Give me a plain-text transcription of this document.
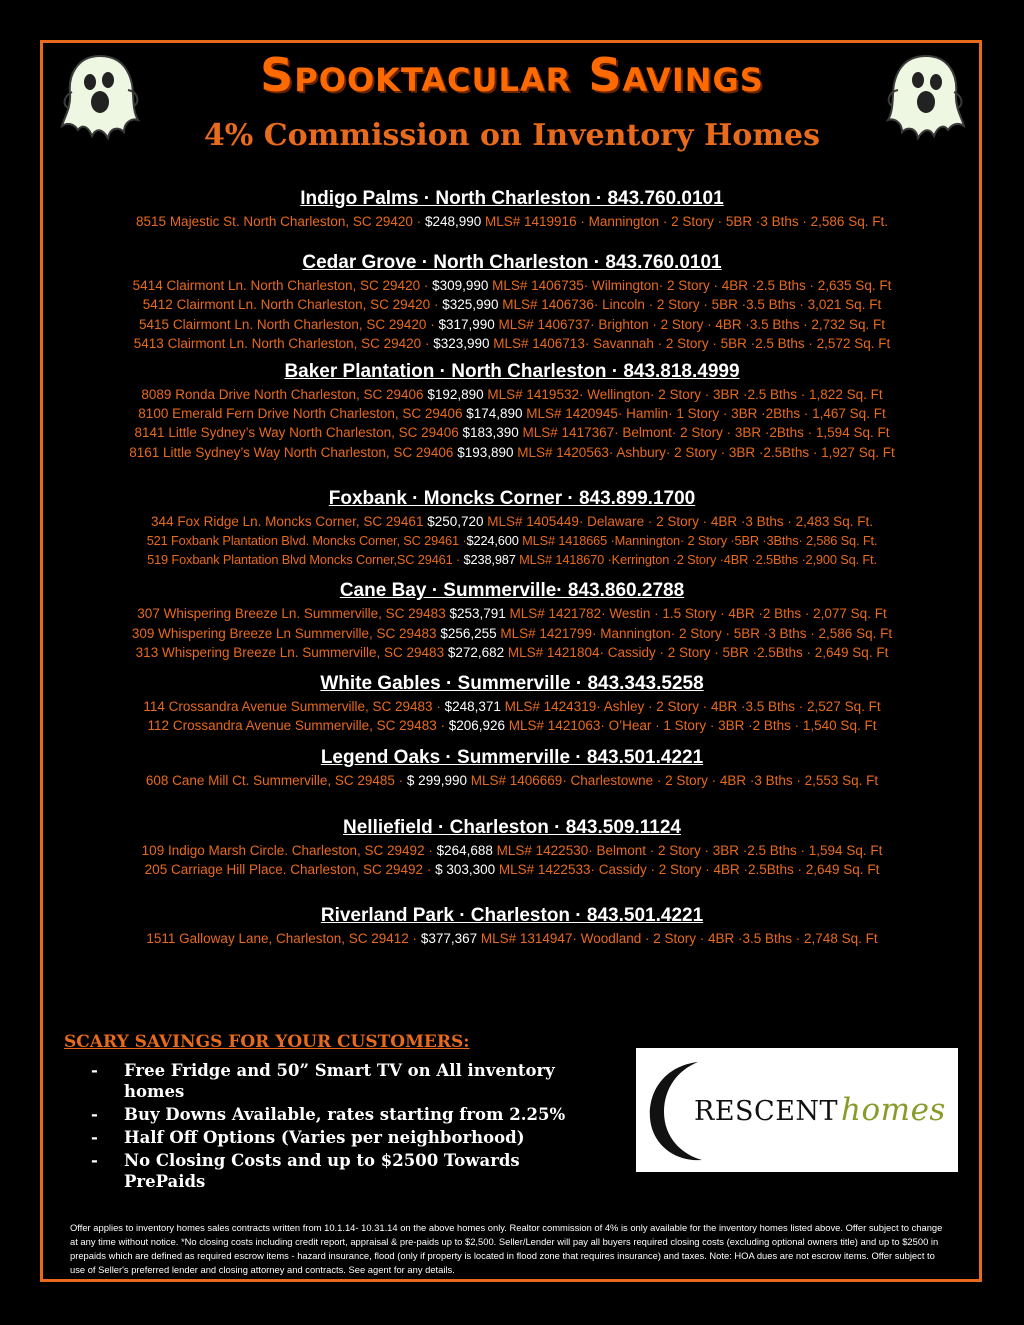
Spooktacular Savings
4% Commission on Inventory Homes
Indigo Palms · North Charleston · 843.760.0101
8515 Majestic St. North Charleston, SC 29420 · $248,990 MLS# 1419916 · Mannington · 2 Story · 5BR ·3 Bths · 2,586 Sq. Ft.
Cedar Grove · North Charleston · 843.760.0101
5414 Clairmont Ln. North Charleston, SC 29420 · $309,990 MLS# 1406735· Wilmington· 2 Story · 4BR ·2.5 Bths · 2,635 Sq. Ft
5412 Clairmont Ln. North Charleston, SC 29420 · $325,990 MLS# 1406736· Lincoln · 2 Story · 5BR ·3.5 Bths · 3,021 Sq. Ft
5415 Clairmont Ln. North Charleston, SC 29420 · $317,990 MLS# 1406737· Brighton · 2 Story · 4BR ·3.5 Bths · 2,732 Sq. Ft
5413 Clairmont Ln. North Charleston, SC 29420 · $323,990 MLS# 1406713· Savannah · 2 Story · 5BR ·2.5 Bths · 2,572 Sq. Ft
Baker Plantation · North Charleston · 843.818.4999
8089 Ronda Drive North Charleston, SC 29406 $192,890 MLS# 1419532· Wellington· 2 Story · 3BR ·2.5 Bths · 1,822 Sq. Ft
8100 Emerald Fern Drive North Charleston, SC 29406 $174,890 MLS# 1420945· Hamlin· 1 Story · 3BR ·2Bths · 1,467 Sq. Ft
8141 Little Sydney’s Way North Charleston, SC 29406 $183,390 MLS# 1417367· Belmont· 2 Story · 3BR ·2Bths · 1,594 Sq. Ft
8161 Little Sydney’s Way North Charleston, SC 29406 $193,890 MLS# 1420563· Ashbury· 2 Story · 3BR ·2.5Bths · 1,927 Sq. Ft
Foxbank · Moncks Corner · 843.899.1700
344 Fox Ridge Ln. Moncks Corner, SC 29461 $250,720 MLS# 1405449· Delaware · 2 Story · 4BR ·3 Bths · 2,483 Sq. Ft.
521 Foxbank Plantation Blvd. Moncks Corner, SC 29461 ·$224,600 MLS# 1418665 ·Mannington· 2 Story ·5BR ·3Bths· 2,586 Sq. Ft.
519 Foxbank Plantation Blvd Moncks Corner,SC 29461 · $238,987 MLS# 1418670 ·Kerrington ·2 Story ·4BR ·2.5Bths ·2,900 Sq. Ft.
Cane Bay · Summerville· 843.860.2788
307 Whispering Breeze Ln. Summerville, SC 29483 $253,791 MLS# 1421782· Westin · 1.5 Story · 4BR ·2 Bths · 2,077 Sq. Ft
309 Whispering Breeze Ln Summerville, SC 29483 $256,255 MLS# 1421799· Mannington· 2 Story · 5BR ·3 Bths · 2,586 Sq. Ft
313 Whispering Breeze Ln. Summerville, SC 29483 $272,682 MLS# 1421804· Cassidy · 2 Story · 5BR ·2.5Bths · 2,649 Sq. Ft
White Gables · Summerville · 843.343.5258
114 Crossandra Avenue Summerville, SC 29483 · $248,371 MLS# 1424319· Ashley · 2 Story · 4BR ·3.5 Bths · 2,527 Sq. Ft
112 Crossandra Avenue Summerville, SC 29483 · $206,926 MLS# 1421063· O’Hear · 1 Story · 3BR ·2 Bths · 1,540 Sq. Ft
Legend Oaks · Summerville · 843.501.4221
608 Cane Mill Ct. Summerville, SC 29485 · $ 299,990 MLS# 1406669· Charlestowne · 2 Story · 4BR ·3 Bths · 2,553 Sq. Ft
Nelliefield · Charleston · 843.509.1124
109 Indigo Marsh Circle. Charleston, SC 29492 · $264,688 MLS# 1422530· Belmont · 2 Story · 3BR ·2.5 Bths · 1,594 Sq. Ft
205 Carriage Hill Place. Charleston, SC 29492 · $ 303,300 MLS# 1422533· Cassidy · 2 Story · 4BR ·2.5Bths · 2,649 Sq. Ft
Riverland Park · Charleston · 843.501.4221
1511 Galloway Lane, Charleston, SC 29412 · $377,367 MLS# 1314947· Woodland · 2 Story · 4BR ·3.5 Bths · 2,748 Sq. Ft
SCARY SAVINGS FOR YOUR CUSTOMERS:
- Free Fridge and 50” Smart TV on All inventory homes
- Buy Downs Available, rates starting from 2.25%
- Half Off Options (Varies per neighborhood)
- No Closing Costs and up to $2500 Towards PrePaids
RESCENThomes
Offer applies to inventory homes sales contracts written from 10.1.14- 10.31.14 on the above homes only. Realtor commission of 4% is only available for the inventory homes listed above. Offer subject to change at any time without notice. *No closing costs including credit report, appraisal & pre-paids up to $2,500. Seller/Lender will pay all buyers required closing costs (excluding optional owners title) and up to $2500 in prepaids which are defined as required escrow items - hazard insurance, flood (only if property is located in flood zone that requires insurance) and taxes. Note: HOA dues are not escrow items. Offer subject to use of Seller's preferred lender and closing attorney and contracts. See agent for any details.
